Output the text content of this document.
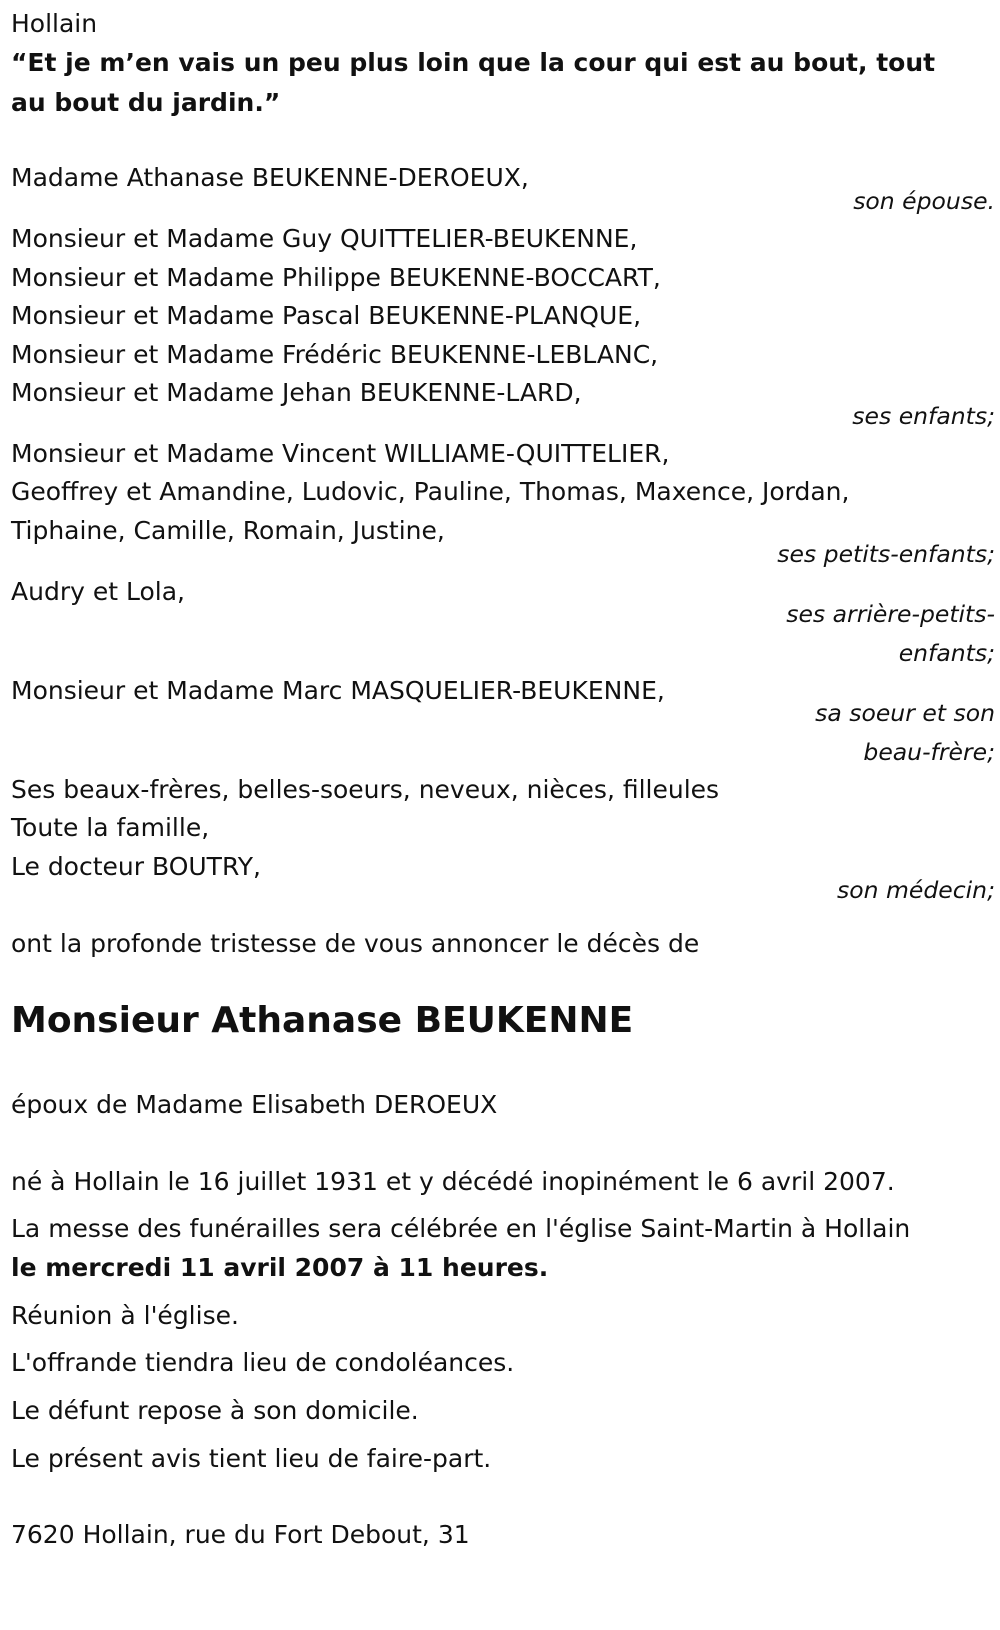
Hollain
“Et je m’en vais un peu plus loin que la cour qui est au bout, tout au bout du jardin.”
Madame Athanase BEUKENNE-DEROEUX,
son épouse.
Monsieur et Madame Guy QUITTELIER-BEUKENNE,
Monsieur et Madame Philippe BEUKENNE-BOCCART,
Monsieur et Madame Pascal BEUKENNE-PLANQUE,
Monsieur et Madame Frédéric BEUKENNE-LEBLANC,
Monsieur et Madame Jehan BEUKENNE-LARD,
ses enfants;
Monsieur et Madame Vincent WILLIAME-QUITTELIER,
Geoffrey et Amandine, Ludovic, Pauline, Thomas, Maxence, Jordan,
Tiphaine, Camille, Romain, Justine,
ses petits-enfants;
Audry et Lola,
ses arrière-petits-
enfants;
Monsieur et Madame Marc MASQUELIER-BEUKENNE,
sa soeur et son
beau-frère;
Ses beaux-frères, belles-soeurs, neveux, nièces, filleules
Toute la famille,
Le docteur BOUTRY,
son médecin;
ont la profonde tristesse de vous annoncer le décès de
Monsieur Athanase BEUKENNE
époux de Madame Elisabeth DEROEUX
né à Hollain le 16 juillet 1931 et y décédé inopinément le 6 avril 2007.
La messe des funérailles sera célébrée en l'église Saint-Martin à Hollain
le mercredi 11 avril 2007 à 11 heures.
Réunion à l'église.
L'offrande tiendra lieu de condoléances.
Le défunt repose à son domicile.
Le présent avis tient lieu de faire-part.
7620 Hollain, rue du Fort Debout, 31
